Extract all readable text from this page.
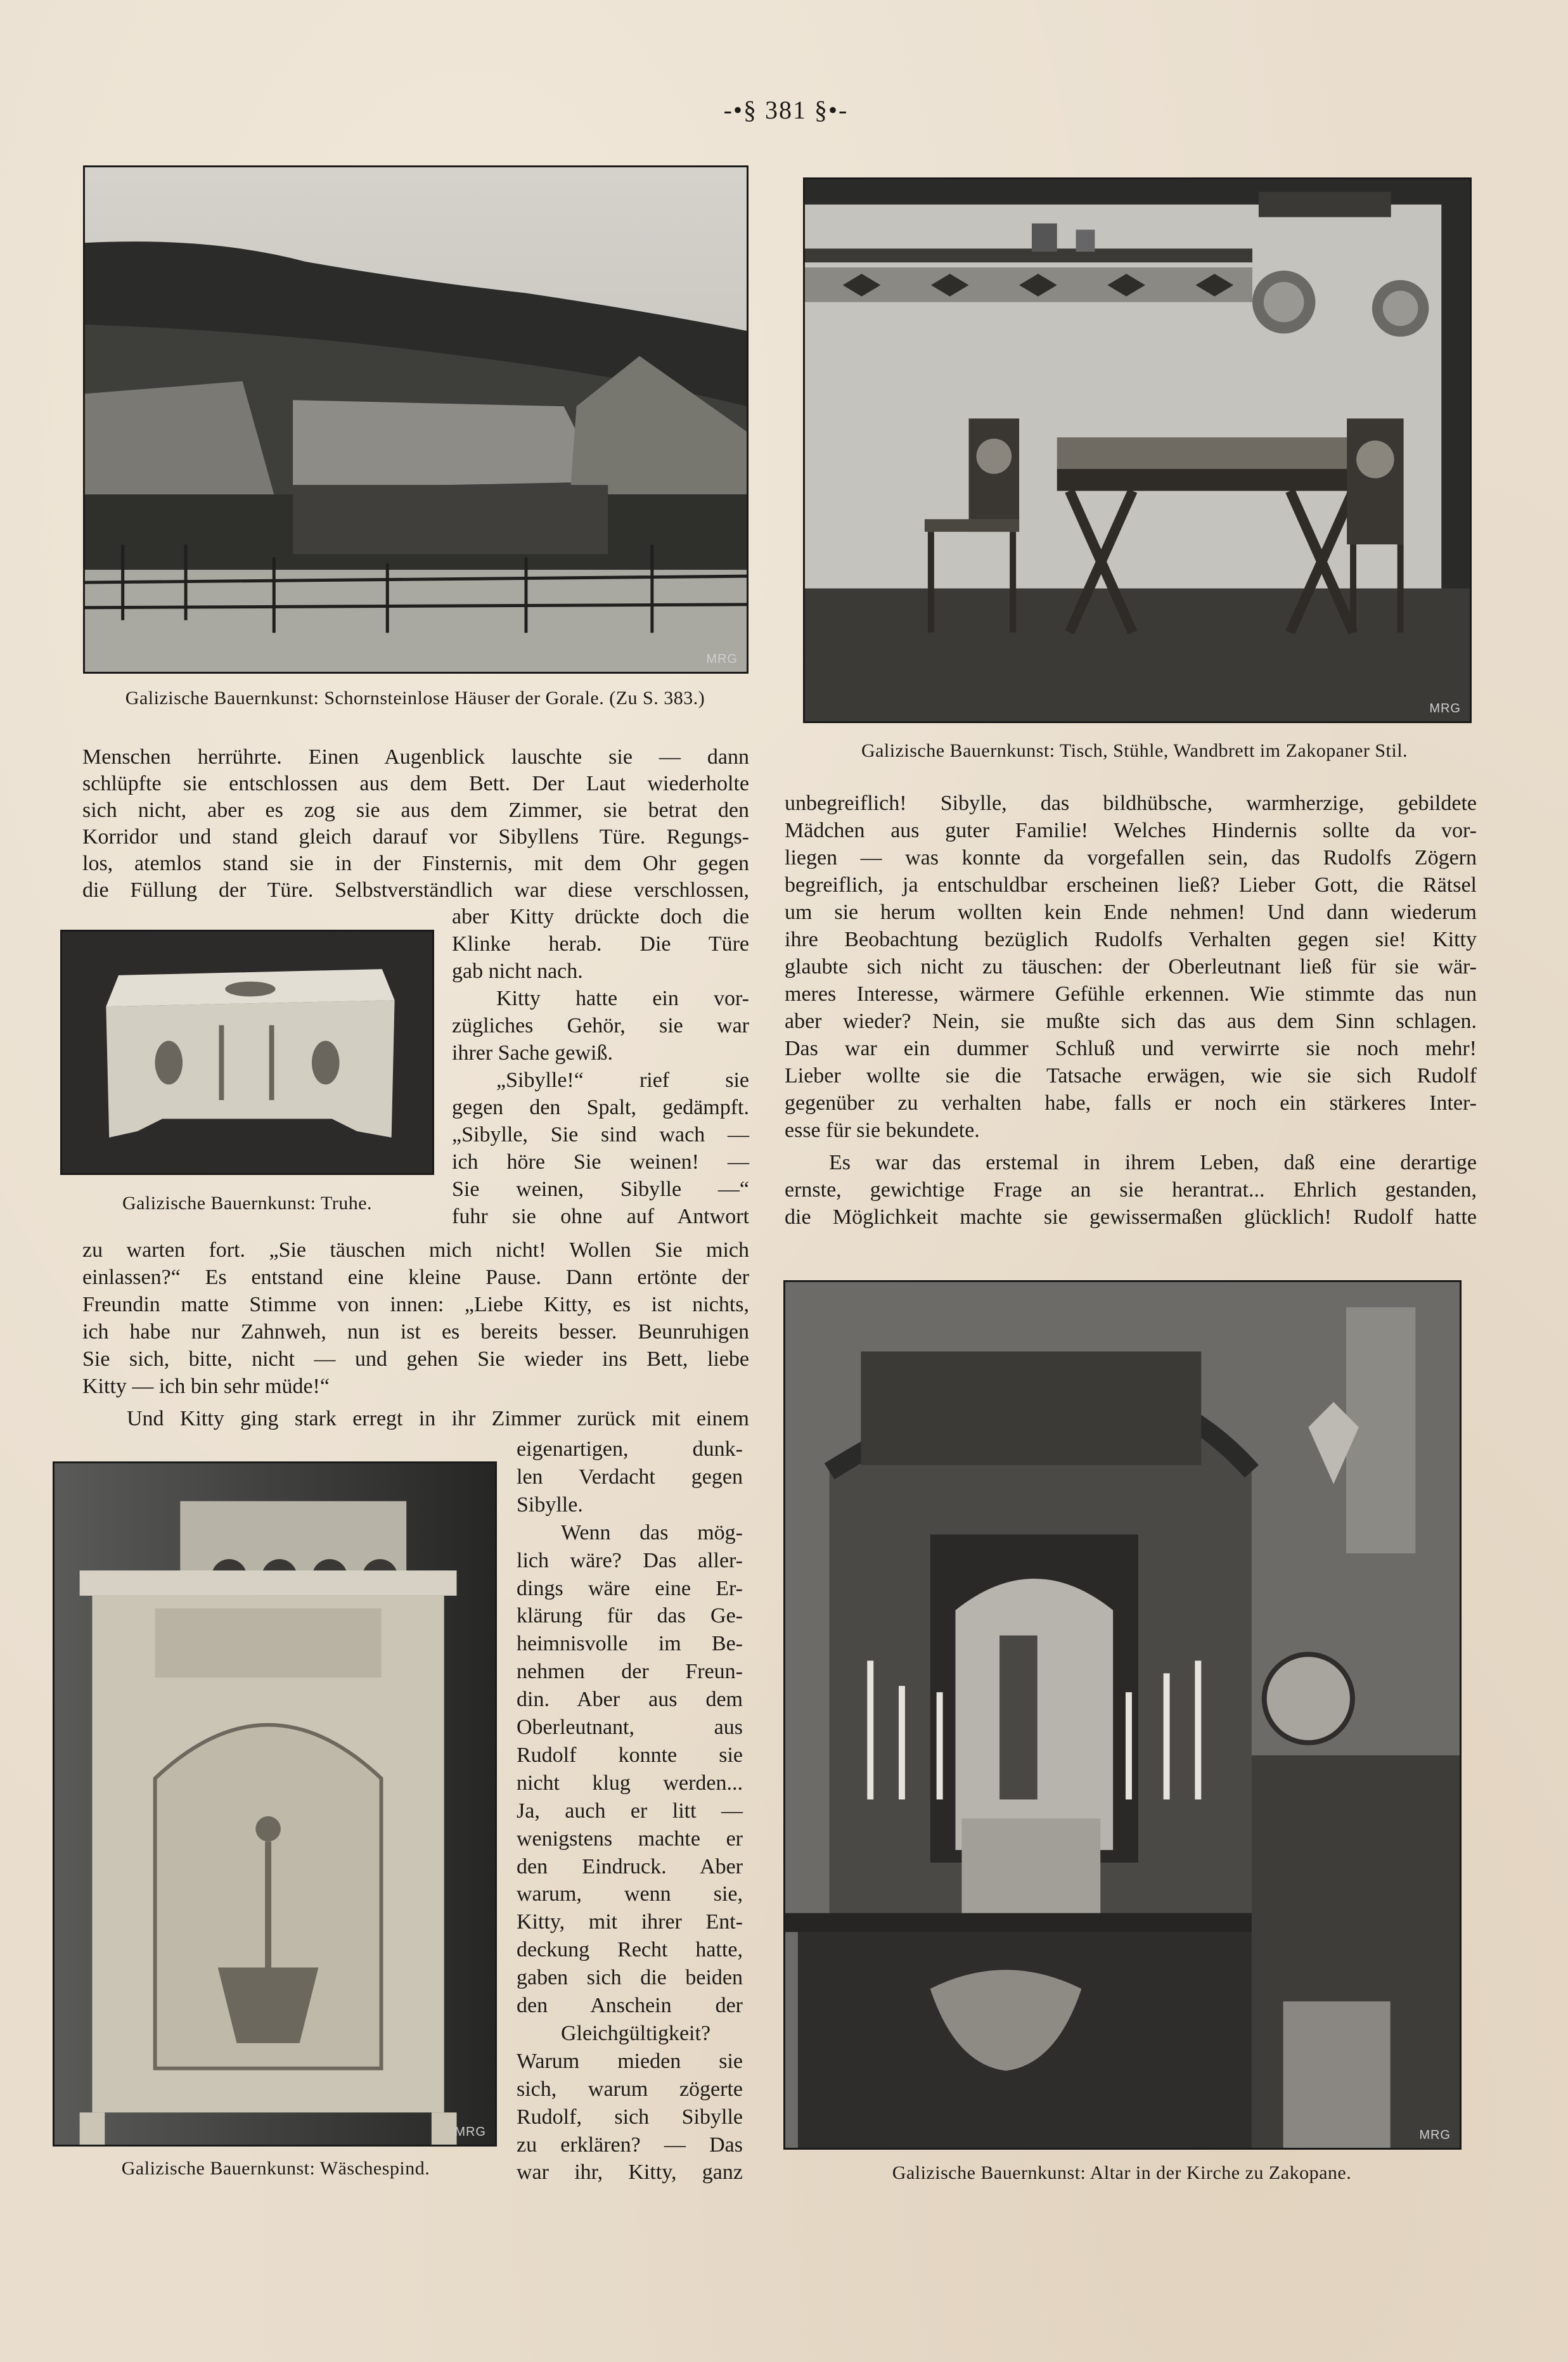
-•§ 381 §•-
MRG
Galizische Bauernkunst: Schornsteinlose Häuser der Gorale. (Zu S. 383.)	MRG
Galizische Bauernkunst: Tisch, Stühle, Wandbrett im Zakopaner Stil.
Galizische Bauernkunst: Truhe.
MRG
Galizische Bauernkunst: Wäschespind.
MRG
Galizische Bauernkunst: Altar in der Kirche zu Zakopane.
Menschen herrührte. Einen Augenblick lauschte sie — dann
schlüpfte sie entschlossen aus dem Bett. Der Laut wiederholte
sich nicht, aber es zog sie aus dem Zimmer, sie betrat den
Korridor und stand gleich darauf vor Sibyllens Türe. Regungs-
los, atemlos stand sie in der Finsternis, mit dem Ohr gegen
die Füllung der Türe. Selbstverständlich war diese verschlossen,
aber Kitty drückte doch die
Klinke herab. Die Türe
gab nicht nach.
Kitty hatte ein vor-
zügliches Gehör, sie war
ihrer Sache gewiß.
„Sibylle!“ rief sie
gegen den Spalt, gedämpft.
„Sibylle, Sie sind wach —
ich höre Sie weinen! —
Sie weinen, Sibylle —“
fuhr sie ohne auf Antwort
zu warten fort. „Sie täuschen mich nicht! Wollen Sie mich
einlassen?“ Es entstand eine kleine Pause. Dann ertönte der
Freundin matte Stimme von innen: „Liebe Kitty, es ist nichts,
ich habe nur Zahnweh, nun ist es bereits besser. Beunruhigen
Sie sich, bitte, nicht — und gehen Sie wieder ins Bett, liebe
Kitty — ich bin sehr müde!“
Und Kitty ging stark erregt in ihr Zimmer zurück mit einem
eigenartigen, dunk-
len Verdacht gegen
Sibylle.
Wenn das mög-
lich wäre? Das aller-
dings wäre eine Er-
klärung für das Ge-
heimnisvolle im Be-
nehmen der Freun-
din. Aber aus dem
Oberleutnant, aus
Rudolf konnte sie
nicht klug werden...
Ja, auch er litt —
wenigstens machte er
den Eindruck. Aber
warum, wenn sie,
Kitty, mit ihrer Ent-
deckung Recht hatte,
gaben sich die beiden
den Anschein der
Gleichgültigkeit?
Warum mieden sie
sich, warum zögerte
Rudolf, sich Sibylle
zu erklären? — Das
war ihr, Kitty, ganz
unbegreiflich! Sibylle, das bildhübsche, warmherzige, gebildete
Mädchen aus guter Familie! Welches Hindernis sollte da vor-
liegen — was konnte da vorgefallen sein, das Rudolfs Zögern
begreiflich, ja entschuldbar erscheinen ließ? Lieber Gott, die Rätsel
um sie herum wollten kein Ende nehmen! Und dann wiederum
ihre Beobachtung bezüglich Rudolfs Verhalten gegen sie! Kitty
glaubte sich nicht zu täuschen: der Oberleutnant ließ für sie wär-
meres Interesse, wärmere Gefühle erkennen. Wie stimmte das nun
aber wieder? Nein, sie mußte sich das aus dem Sinn schlagen.
Das war ein dummer Schluß und verwirrte sie noch mehr!
Lieber wollte sie die Tatsache erwägen, wie sie sich Rudolf
gegenüber zu verhalten habe, falls er noch ein stärkeres Inter-
esse für sie bekundete.
Es war das erstemal in ihrem Leben, daß eine derartige
ernste, gewichtige Frage an sie herantrat... Ehrlich gestanden,
die Möglichkeit machte sie gewissermaßen glücklich! Rudolf hatte
